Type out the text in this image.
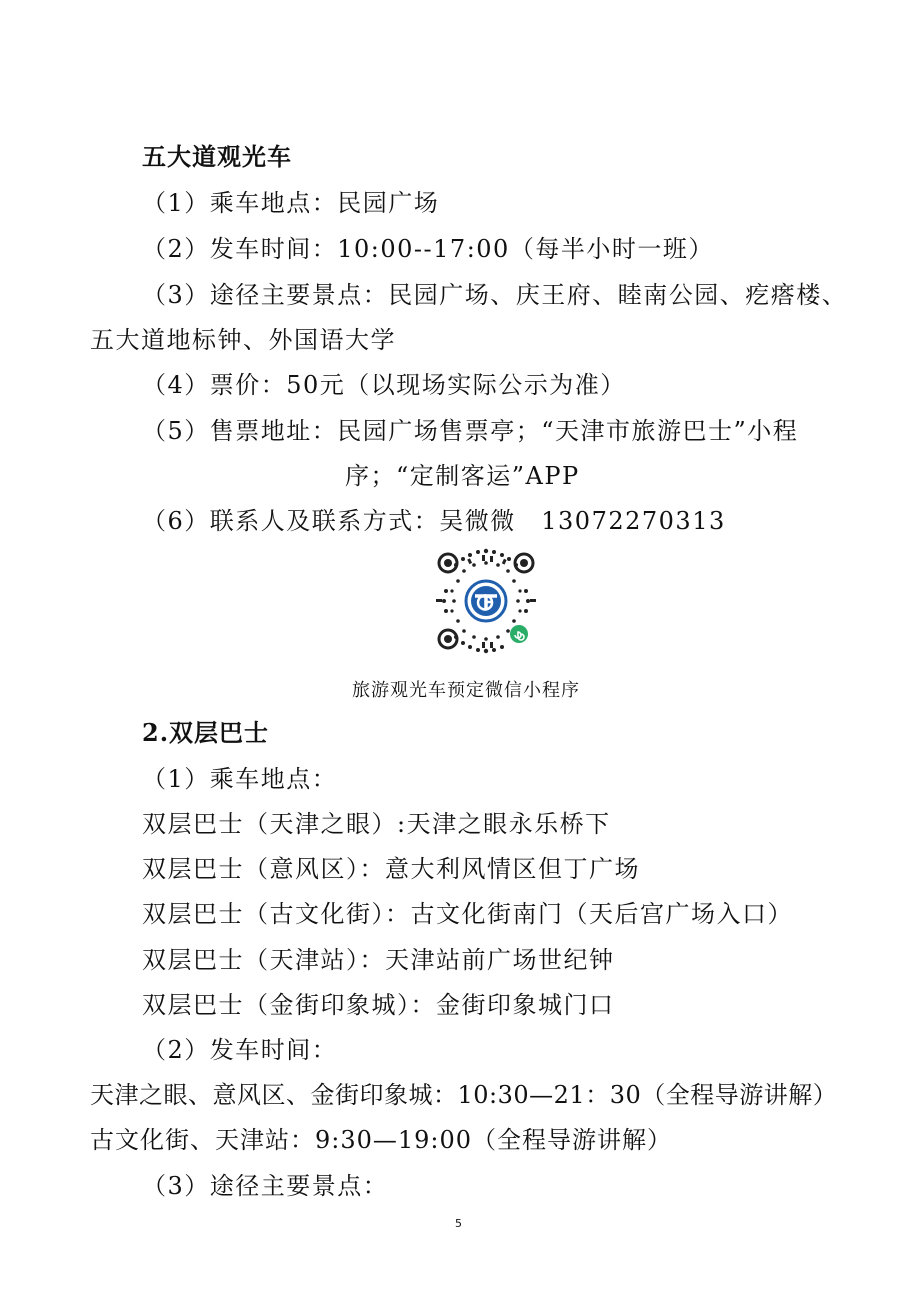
五大道观光车
（1）乘车地点：民园广场
（2）发车时间：10:00--17:00（每半小时一班）
（3）途径主要景点：民园广场、庆王府、睦南公园、疙瘩楼、
五大道地标钟、外国语大学
（4）票价：50元（以现场实际公示为准）
（5）售票地址：民园广场售票亭；“天津市旅游巴士”小程
序；“定制客运”APP
（6）联系人及联系方式：吴微微　13072270313
旅游观光车预定微信小程序
2.双层巴士
（1）乘车地点：
双层巴士（天津之眼）:天津之眼永乐桥下
双层巴士（意风区）：意大利风情区但丁广场
双层巴士（古文化街）：古文化街南门（天后宫广场入口）
双层巴士（天津站）：天津站前广场世纪钟
双层巴士（金街印象城）：金街印象城门口
（2）发车时间：
天津之眼、意风区、金街印象城：10:30—21：30（全程导游讲解）
古文化街、天津站：9:30—19:00（全程导游讲解）
（3）途径主要景点：
5
